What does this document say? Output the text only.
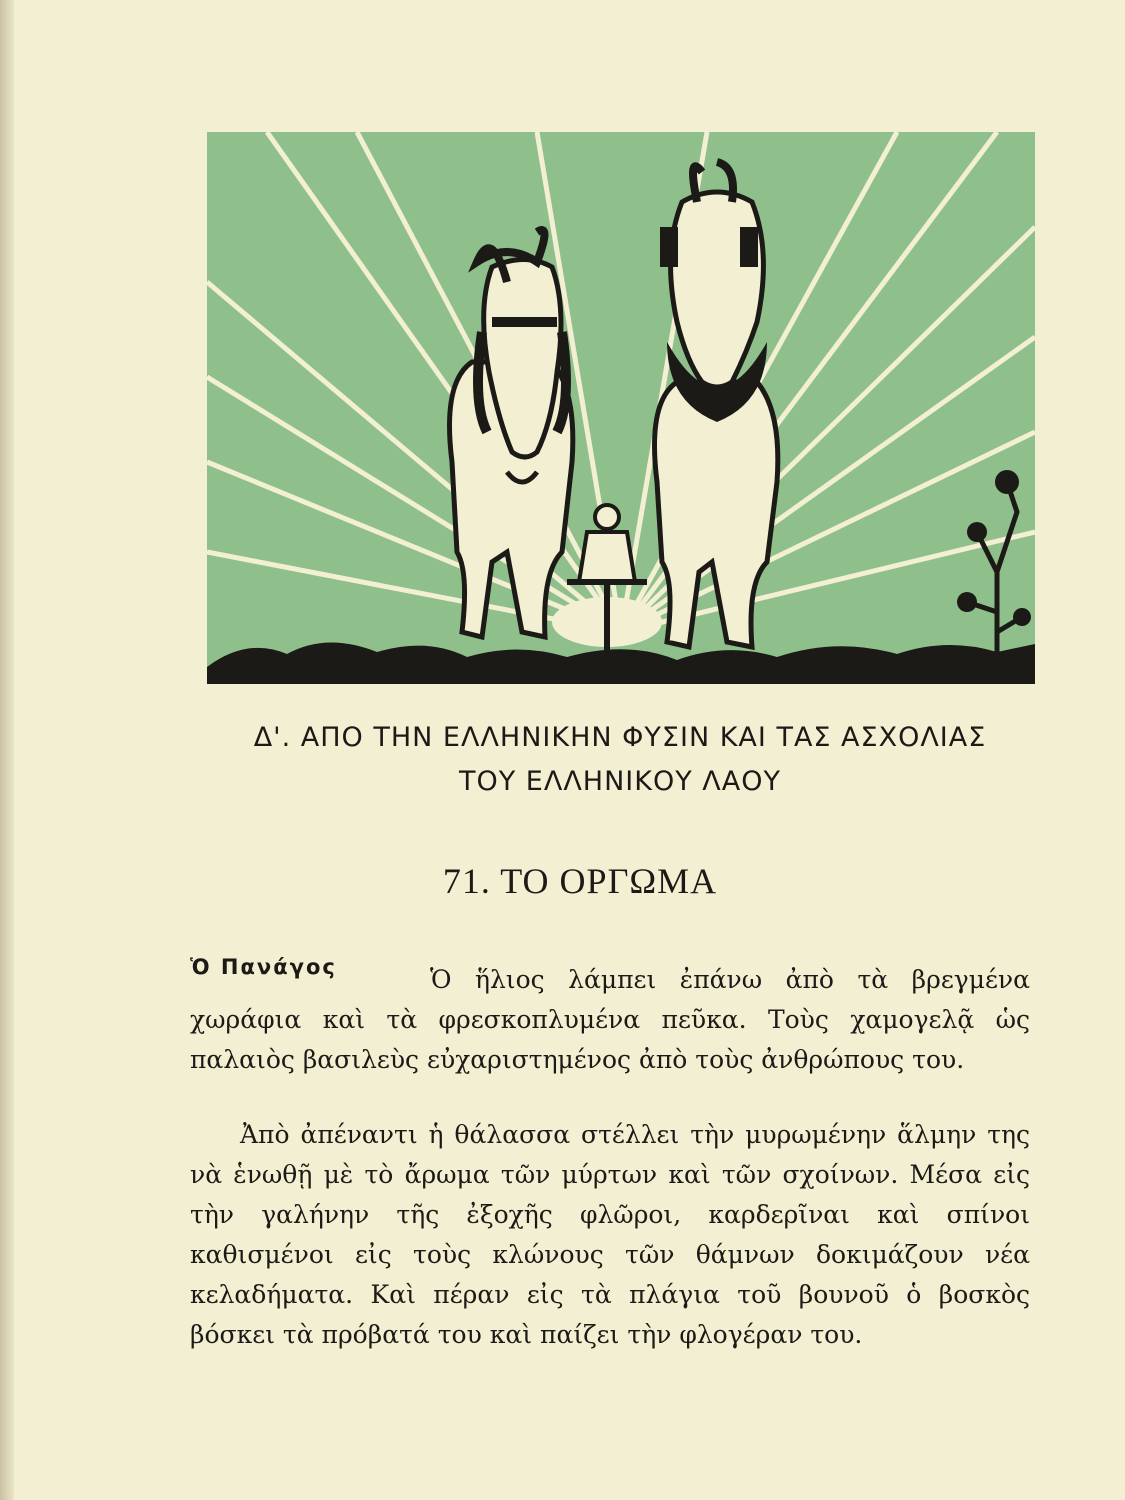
Δ'. ΑΠΟ ΤΗΝ ΕΛΛΗΝΙΚΗΝ ΦΥΣΙΝ ΚΑΙ ΤΑΣ ΑΣΧΟΛΙΑΣ
ΤΟΥ ΕΛΛΗΝΙΚΟΥ ΛΑΟΥ
71. ΤΟ ΟΡΓΩΜΑ
Ὁ Πανάγος	Ὁ ἥλιος λάμπει ἐπάνω ἀπὸ τὰ βρεγμένα χωράφια καὶ τὰ φρεσκοπλυμένα πεῦκα. Τοὺς χαμογελᾷ ὡς παλαιὸς βασιλεὺς εὐχαριστημένος ἀπὸ τοὺς ἀνθρώπους του.
Ἀπὸ ἀπέναντι ἡ θάλασσα στέλλει τὴν μυρωμένην ἅλμην της νὰ ἑνωθῇ μὲ τὸ ἄρωμα τῶν μύρτων καὶ τῶν σχοίνων. Μέσα εἰς τὴν γαλήνην τῆς ἐξοχῆς φλῶροι, καρδερῖναι καὶ σπίνοι καθισμένοι εἰς τοὺς κλώνους τῶν θάμνων δοκιμάζουν νέα κελαδήματα. Καὶ πέραν εἰς τὰ πλάγια τοῦ βουνοῦ ὁ βοσκὸς βόσκει τὰ πρόβατά του καὶ παίζει τὴν φλογέραν του.
